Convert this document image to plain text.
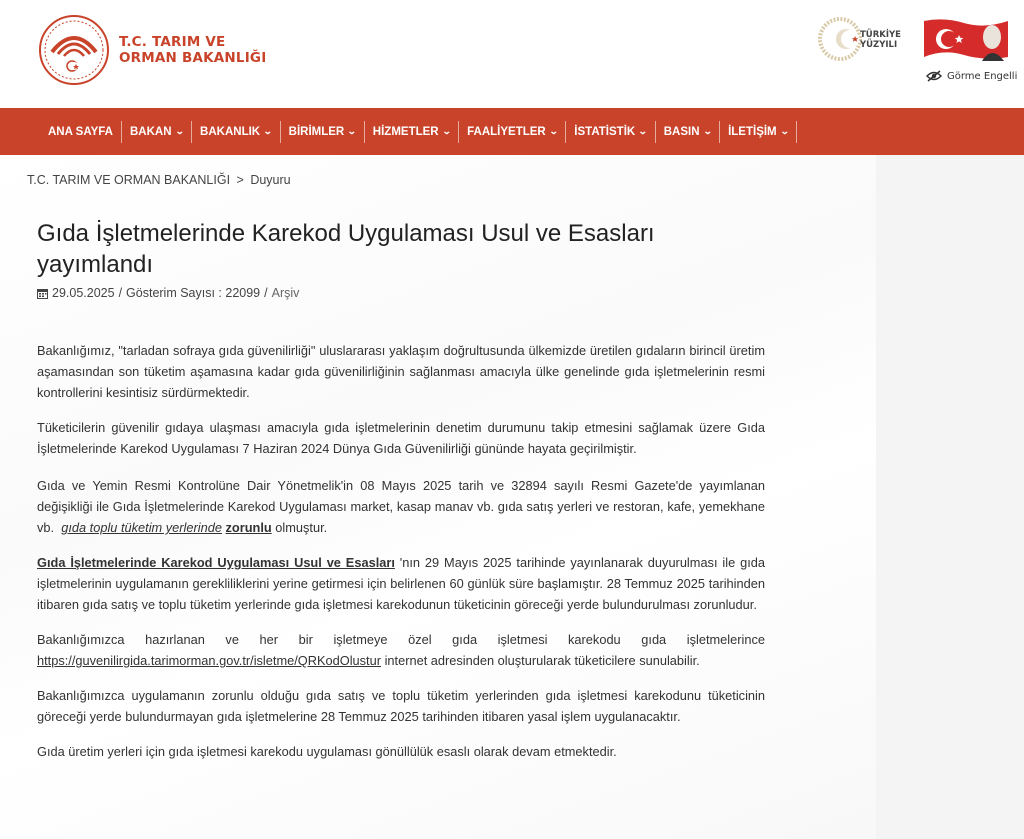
T.C. TARIM VE
ORMAN BAKANLIĞI
TÜRKİYE
YÜZYILI
Görme Engelli
ANA SAYFA BAKAN ⌄ BAKANLIK ⌄ BİRİMLER ⌄ HİZMETLER ⌄ FAALİYETLER ⌄ İSTATİSTİK ⌄ BASIN ⌄ İLETİŞİM ⌄
T.C. TARIM VE ORMAN BAKANLIĞI > Duyuru
Gıda İşletmelerinde Karekod Uygulaması Usul ve Esasları yayımlandı
29.05.2025 / Gösterim Sayısı : 22099 / Arşiv

Bakanlığımız, "tarladan sofraya gıda güvenilirliği" uluslararası yaklaşım doğrultusunda ülkemizde üretilen gıdaların birincil üretim aşamasından son tüketim aşamasına kadar gıda güvenilirliğinin sağlanması amacıyla ülke genelinde gıda işletmelerinin resmi kontrollerini kesintisiz sürdürmektedir.

Tüketicilerin güvenilir gıdaya ulaşması amacıyla gıda işletmelerinin denetim durumunu takip etmesini sağlamak üzere Gıda İşletmelerinde Karekod Uygulaması 7 Haziran 2024 Dünya Gıda Güvenilirliği gününde hayata geçirilmiştir.

Gıda ve Yemin Resmi Kontrolüne Dair Yönetmelik'in 08 Mayıs 2025 tarih ve 32894 sayılı Resmi Gazete'de yayımlanan değişikliği ile Gıda İşletmelerinde Karekod Uygulaması market, kasap manav vb. gıda satış yerleri ve restoran, kafe, yemekhane vb. gıda toplu tüketim yerlerinde zorunlu olmuştur.

Gıda İşletmelerinde Karekod Uygulaması Usul ve Esasları 'nın 29 Mayıs 2025 tarihinde yayınlanarak duyurulması ile gıda işletmelerinin uygulamanın gerekliliklerini yerine getirmesi için belirlenen 60 günlük süre başlamıştır. 28 Temmuz 2025 tarihinden itibaren gıda satış ve toplu tüketim yerlerinde gıda işletmesi karekodunun tüketicinin göreceği yerde bulundurulması zorunludur.

Bakanlığımızca hazırlanan ve her bir işletmeye özel gıda işletmesi karekodu gıda işletmelerince https://guvenilirgida.tarimorman.gov.tr/isletme/QRKodOlustur internet adresinden oluşturularak tüketicilere sunulabilir.

Bakanlığımızca uygulamanın zorunlu olduğu gıda satış ve toplu tüketim yerlerinden gıda işletmesi karekodunu tüketicinin göreceği yerde bulundurmayan gıda işletmelerine 28 Temmuz 2025 tarihinden itibaren yasal işlem uygulanacaktır.

Gıda üretim yerleri için gıda işletmesi karekodu uygulaması gönüllülük esaslı olarak devam etmektedir.
